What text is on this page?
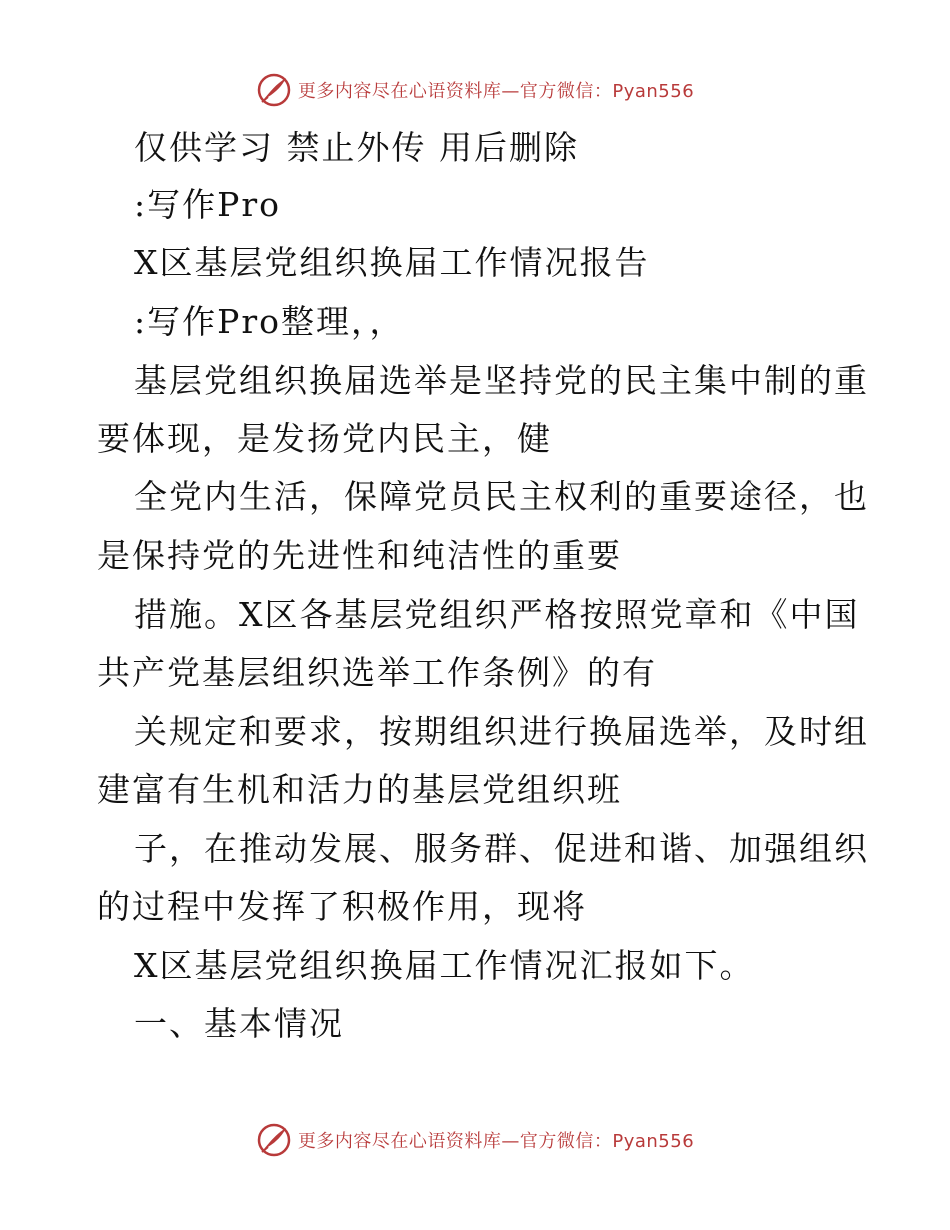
更多内容尽在心语资料库—官方微信：Pyan556
仅供学习 禁止外传 用后删除
:写作Pro
X区基层党组织换届工作情况报告
:写作Pro整理，，
基层党组织换届选举是坚持党的民主集中制的重
要体现，是发扬党内民主，健
全党内生活，保障党员民主权利的重要途径，也
是保持党的先进性和纯洁性的重要
措施。X区各基层党组织严格按照党章和《中国
共产党基层组织选举工作条例》的有
关规定和要求，按期组织进行换届选举，及时组
建富有生机和活力的基层党组织班
子，在推动发展、服务群、促进和谐、加强组织
的过程中发挥了积极作用，现将
X区基层党组织换届工作情况汇报如下。
一、基本情况
更多内容尽在心语资料库—官方微信：Pyan556
